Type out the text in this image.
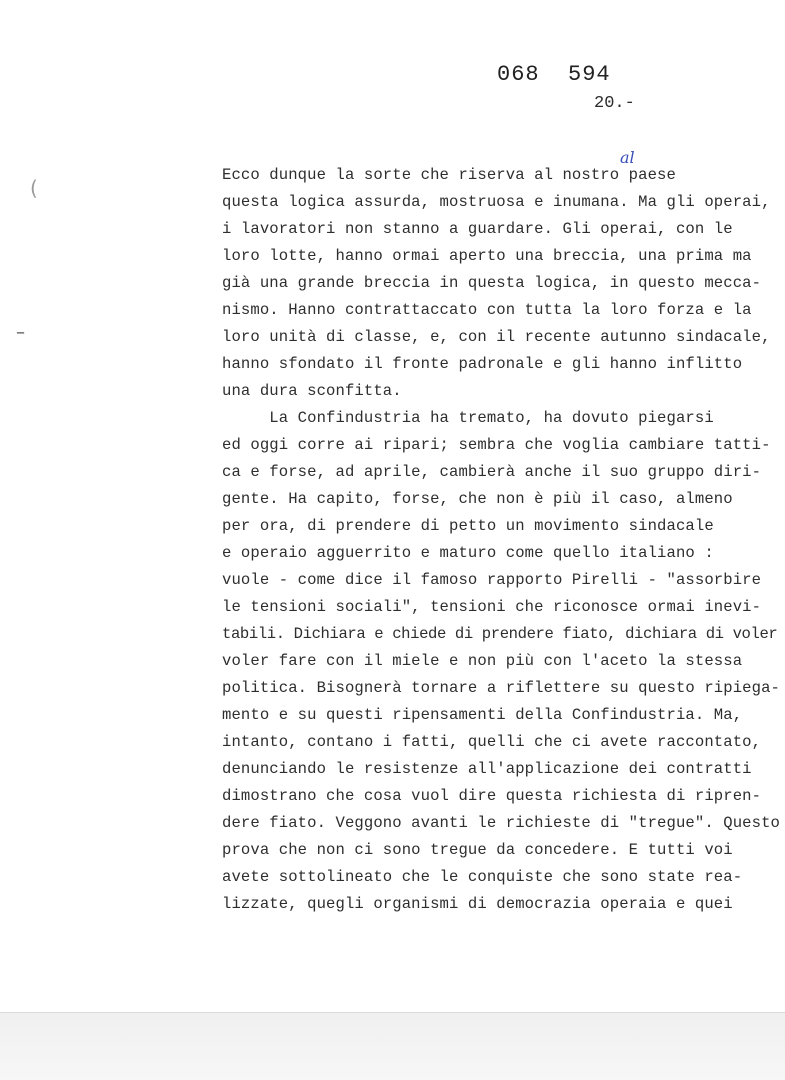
068  594
20.-
(
–
al
Ecco dunque la sorte che riserva al nostro paese
questa logica assurda, mostruosa e inumana. Ma gli operai,
i lavoratori non stanno a guardare. Gli operai, con le
loro lotte, hanno ormai aperto una breccia, una prima ma
già una grande breccia in questa logica, in questo mecca-
nismo. Hanno contrattaccato con tutta la loro forza e la
loro unità di classe, e, con il recente autunno sindacale,
hanno sfondato il fronte padronale e gli hanno inflitto
una dura sconfitta.
La Confindustria ha tremato, ha dovuto piegarsi
ed oggi corre ai ripari; sembra che voglia cambiare tatti-
ca e forse, ad aprile, cambierà anche il suo gruppo diri-
gente. Ha capito, forse, che non è più il caso, almeno
per ora, di prendere di petto un movimento sindacale
e operaio agguerrito e maturo come quello italiano :
vuole - come dice il famoso rapporto Pirelli - "assorbire
le tensioni sociali", tensioni che riconosce ormai inevi-
tabili. Dichiara e chiede di prendere fiato, dichiara di voler
voler fare con il miele e non più con l'aceto la stessa
politica. Bisognerà tornare a riflettere su questo ripiega-
mento e su questi ripensamenti della Confindustria. Ma,
intanto, contano i fatti, quelli che ci avete raccontato,
denunciando le resistenze all'applicazione dei contratti
dimostrano che cosa vuol dire questa richiesta di ripren-
dere fiato. Veggono avanti le richieste di "tregue". Questo
prova che non ci sono tregue da concedere. E tutti voi
avete sottolineato che le conquiste che sono state rea-
lizzate, quegli organismi di democrazia operaia e quei
